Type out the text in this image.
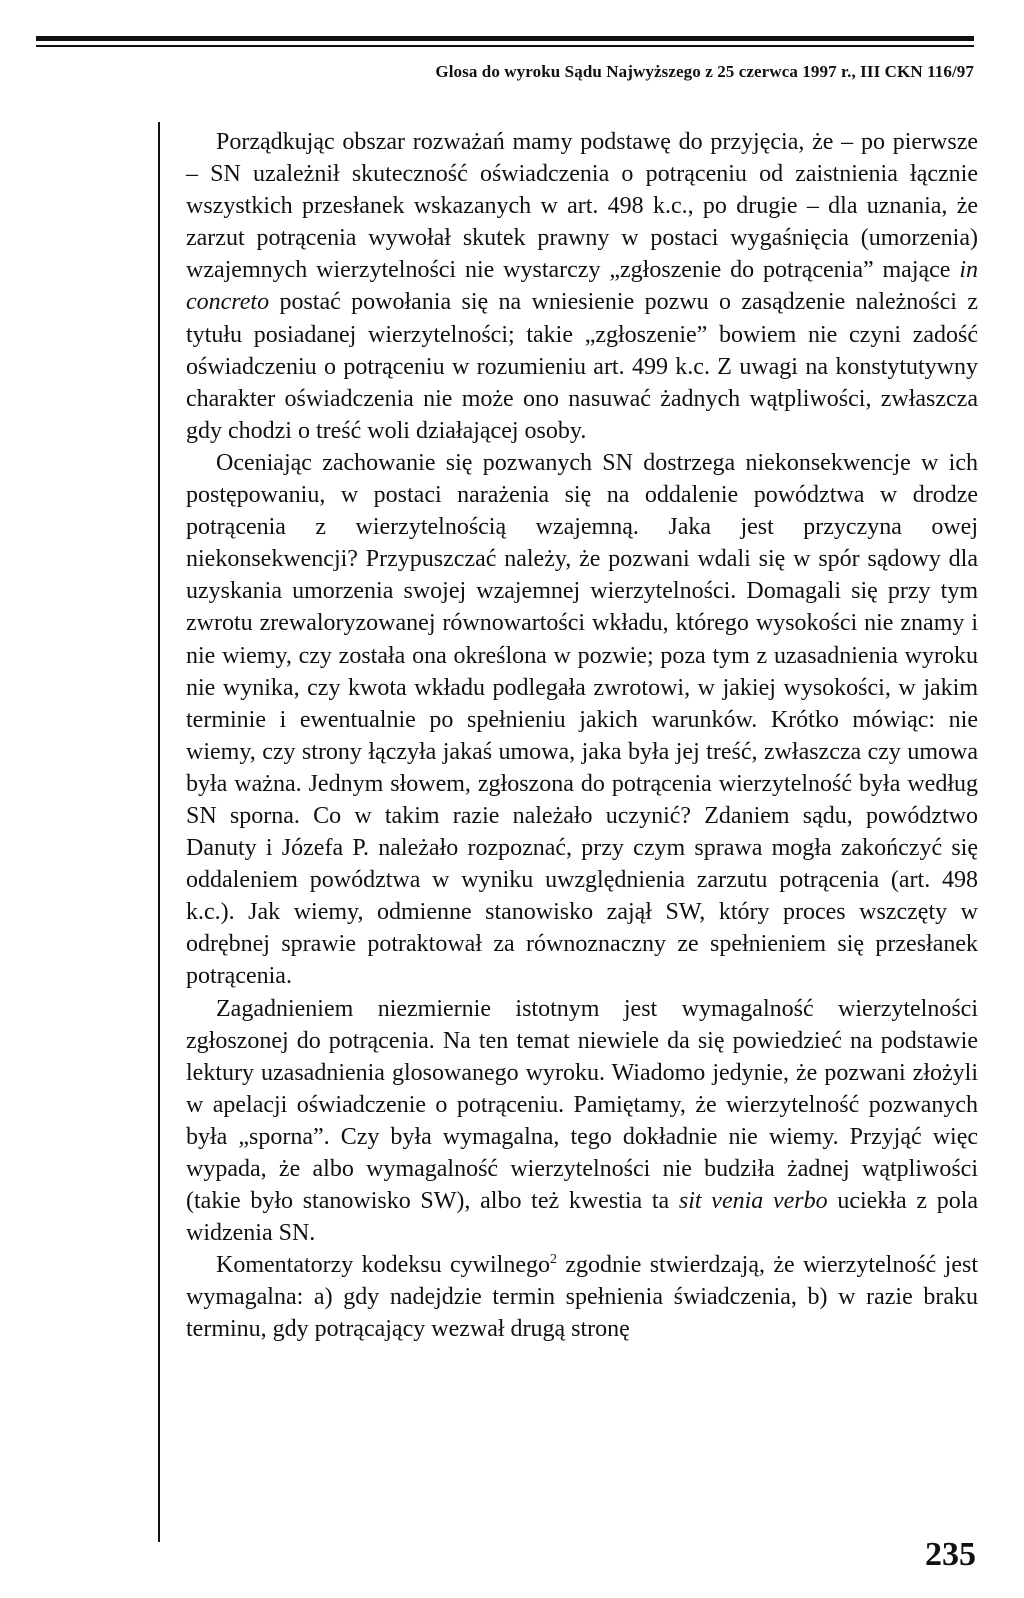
Glosa do wyroku Sądu Najwyższego z 25 czerwca 1997 r., III CKN 116/97

Porządkując obszar rozważań mamy podstawę do przyjęcia, że – po pierwsze – SN uzależnił skuteczność oświadczenia o potrąceniu od zaistnienia łącznie wszystkich przesłanek wskazanych w art. 498 k.c., po drugie – dla uznania, że zarzut potrącenia wywołał skutek prawny w postaci wygaśnięcia (umorzenia) wzajemnych wierzytelności nie wystarczy „zgłoszenie do potrącenia” mające in concreto postać powołania się na wniesienie pozwu o zasądzenie należności z tytułu posiadanej wierzytelności; takie „zgłoszenie” bowiem nie czyni zadość oświadczeniu o potrąceniu w rozumieniu art. 499 k.c. Z uwagi na konstytutywny charakter oświadczenia nie może ono nasuwać żadnych wątpliwości, zwłaszcza gdy chodzi o treść woli działającej osoby.

Oceniając zachowanie się pozwanych SN dostrzega niekonsekwencje w ich postępowaniu, w postaci narażenia się na oddalenie powództwa w drodze potrącenia z wierzytelnością wzajemną. Jaka jest przyczyna owej niekonsekwencji? Przypuszczać należy, że pozwani wdali się w spór sądowy dla uzyskania umorzenia swojej wzajemnej wierzytelności. Domagali się przy tym zwrotu zrewaloryzowanej równowartości wkładu, którego wysokości nie znamy i nie wiemy, czy została ona określona w pozwie; poza tym z uzasadnienia wyroku nie wynika, czy kwota wkładu podlegała zwrotowi, w jakiej wysokości, w jakim terminie i ewentualnie po spełnieniu jakich warunków. Krótko mówiąc: nie wiemy, czy strony łączyła jakaś umowa, jaka była jej treść, zwłaszcza czy umowa była ważna. Jednym słowem, zgłoszona do potrącenia wierzytelność była według SN sporna. Co w takim razie należało uczynić? Zdaniem sądu, powództwo Danuty i Józefa P. należało rozpoznać, przy czym sprawa mogła zakończyć się oddaleniem powództwa w wyniku uwzględnienia zarzutu potrącenia (art. 498 k.c.). Jak wiemy, odmienne stanowisko zajął SW, który proces wszczęty w odrębnej sprawie potraktował za równoznaczny ze spełnieniem się przesłanek potrącenia.

Zagadnieniem niezmiernie istotnym jest wymagalność wierzytelności zgłoszonej do potrącenia. Na ten temat niewiele da się powiedzieć na podstawie lektury uzasadnienia glosowanego wyroku. Wiadomo jedynie, że pozwani złożyli w apelacji oświadczenie o potrąceniu. Pamiętamy, że wierzytelność pozwanych była „sporna”. Czy była wymagalna, tego dokładnie nie wiemy. Przyjąć więc wypada, że albo wymagalność wierzytelności nie budziła żadnej wątpliwości (takie było stanowisko SW), albo też kwestia ta sit venia verbo uciekła z pola widzenia SN.

Komentatorzy kodeksu cywilnego$^2$ zgodnie stwierdzają, że wierzytelność jest wymagalna: a) gdy nadejdzie termin spełnienia świadczenia, b) w razie braku terminu, gdy potrącający wezwał drugą stronę

235
